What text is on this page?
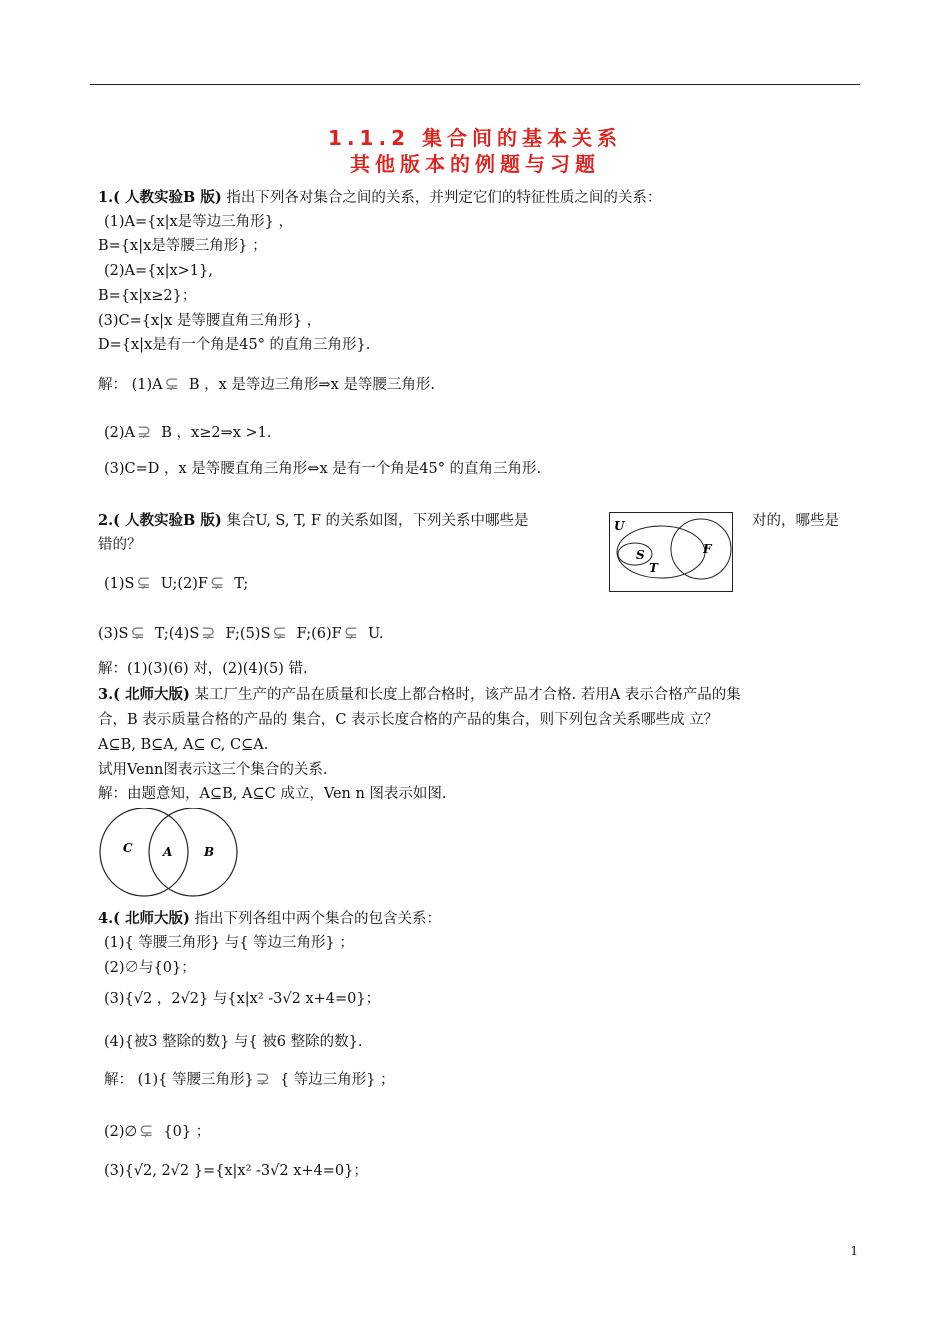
1.1.2 集合间的基本关系
其他版本的例题与习题
1.( 人教实验B 版) 指出下列各对集合之间的关系，并判定它们的特征性质之间的关系：
(1)A={x|x是等边三角形} ，
B={x|x是等腰三角形} ；
(2)A={x|x>1},
B={x|x≥2}；
(3)C={x|x 是等腰直角三角形} ，
D={x|x是有一个角是45° 的直角三角形}.
解： (1)A ⊊ B ，x 是等边三角形⇒x 是等腰三角形.
(2)A ⊋ B ，x≥2⇒x >1.
(3)C=D ，x 是等腰直角三角形⇔x 是有一个角是45° 的直角三角形.
2.( 人教实验B 版) 集合U, S, T, F 的关系如图，下列关系中哪些是	对的，哪些是
错的？
U
S
T
F
(1)S ⊊ U;(2)F ⊊ T;
(3)S ⊊ T;(4)S ⊋ F;(5)S ⊊ F;(6)F ⊊ U.
解：(1)(3)(6) 对，(2)(4)(5) 错.
3.( 北师大版) 某工厂生产的产品在质量和长度上都合格时，该产品才合格. 若用A 表示合格产品的集
合，B 表示质量合格的产品的 集合，C 表示长度合格的产品的集合，则下列包含关系哪些成 立？
A⊆B, B⊆A, A⊆ C, C⊆A.
试用Venn图表示这三个集合的关系.
解：由题意知，A⊆B, A⊆C 成立，Ven n 图表示如图.
C	A	B
4.( 北师大版) 指出下列各组中两个集合的包含关系：
(1){ 等腰三角形} 与{ 等边三角形} ；
(2)∅与{0}；
(3){√2 ，2√2} 与{x|x² -3√2 x+4=0}；
(4){被3 整除的数} 与{ 被6 整除的数}.
解： (1){ 等腰三角形} ⊋ { 等边三角形} ；
(2)∅ ⊊ {0} ；
(3){√2, 2√2 }={x|x² -3√2 x+4=0}；
1
